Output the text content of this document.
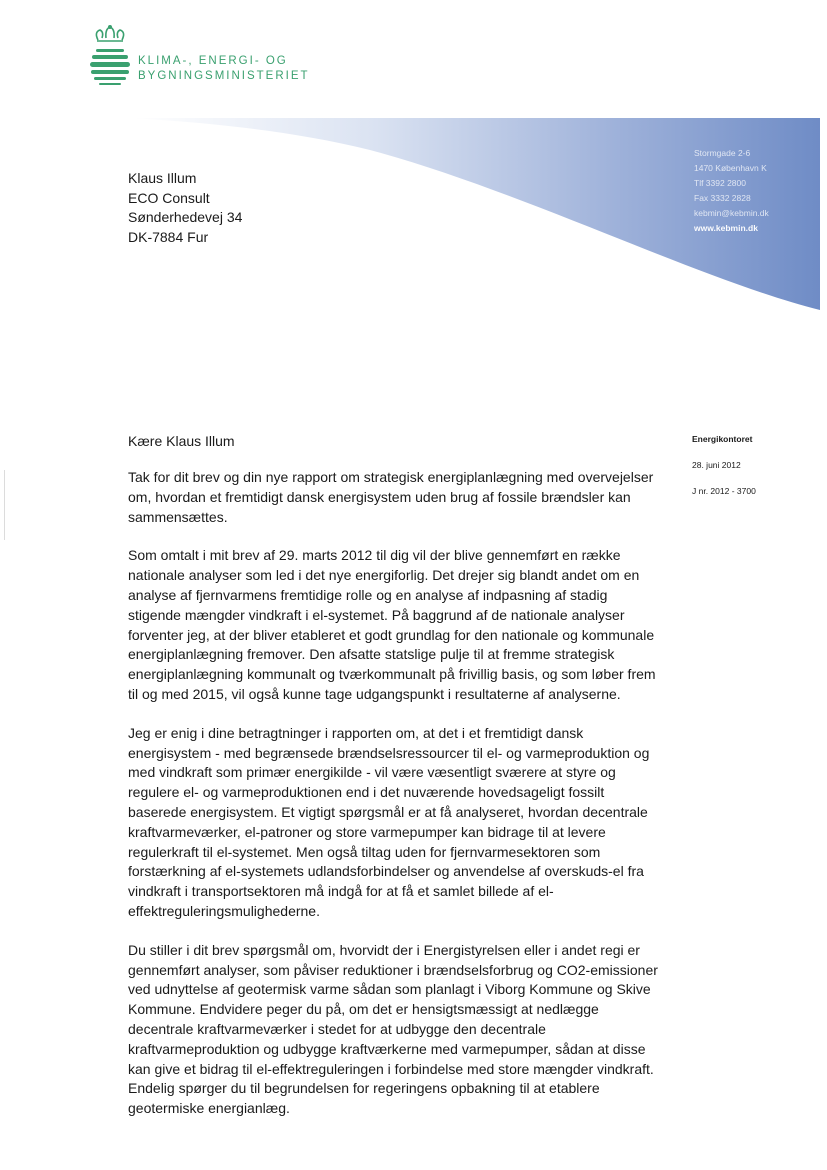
KLIMA-, ENERGI- OG
BYGNINGSMINISTERIET
Stormgade 2-6
1470 København K
Tlf 3392 2800
Fax 3332 2828
kebmin@kebmin.dk
www.kebmin.dk
Klaus Illum
ECO Consult
Sønderhedevej 34
DK-7884 Fur
Energikontoret
28. juni 2012
J nr. 2012 - 3700
Kære Klaus Illum

Tak for dit brev og din nye rapport om strategisk energiplanlægning med overvejelser om, hvordan et fremtidigt dansk energisystem uden brug af fossile brændsler kan sammensættes.

Som omtalt i mit brev af 29. marts 2012 til dig vil der blive gennemført en række nationale analyser som led i det nye energiforlig. Det drejer sig blandt andet om en analyse af fjernvarmens fremtidige rolle og en analyse af indpasning af stadig stigende mængder vindkraft i el-systemet. På baggrund af de nationale analyser forventer jeg, at der bliver etableret et godt grundlag for den nationale og kommunale energiplanlægning fremover. Den afsatte statslige pulje til at fremme strategisk energiplanlægning kommunalt og tværkommunalt på frivillig basis, og som løber frem til og med 2015, vil også kunne tage udgangspunkt i resultaterne af analyserne.

Jeg er enig i dine betragtninger i rapporten om, at det i et fremtidigt dansk energisystem - med begrænsede brændselsressourcer til el- og varmeproduktion og med vindkraft som primær energikilde - vil være væsentligt sværere at styre og regulere el- og varmeproduktionen end i det nuværende hovedsageligt fossilt baserede energisystem. Et vigtigt spørgsmål er at få analyseret, hvordan decentrale kraftvarmeværker, el-patroner og store varmepumper kan bidrage til at levere regulerkraft til el-systemet. Men også tiltag uden for fjernvarmesektoren som forstærkning af el-systemets udlandsforbindelser og anvendelse af overskuds-el fra vindkraft i transportsektoren må indgå for at få et samlet billede af el-effektreguleringsmulighederne.

Du stiller i dit brev spørgsmål om, hvorvidt der i Energistyrelsen eller i andet regi er gennemført analyser, som påviser reduktioner i brændselsforbrug og CO2-emissioner ved udnyttelse af geotermisk varme sådan som planlagt i Viborg Kommune og Skive Kommune. Endvidere peger du på, om det er hensigtsmæssigt at nedlægge decentrale kraftvarmeværker i stedet for at udbygge den decentrale kraftvarmeproduktion og udbygge kraftværkerne med varmepumper, sådan at disse kan give et bidrag til el-effektreguleringen i forbindelse med store mængder vindkraft. Endelig spørger du til begrundelsen for regeringens opbakning til at etablere geotermiske energianlæg.
